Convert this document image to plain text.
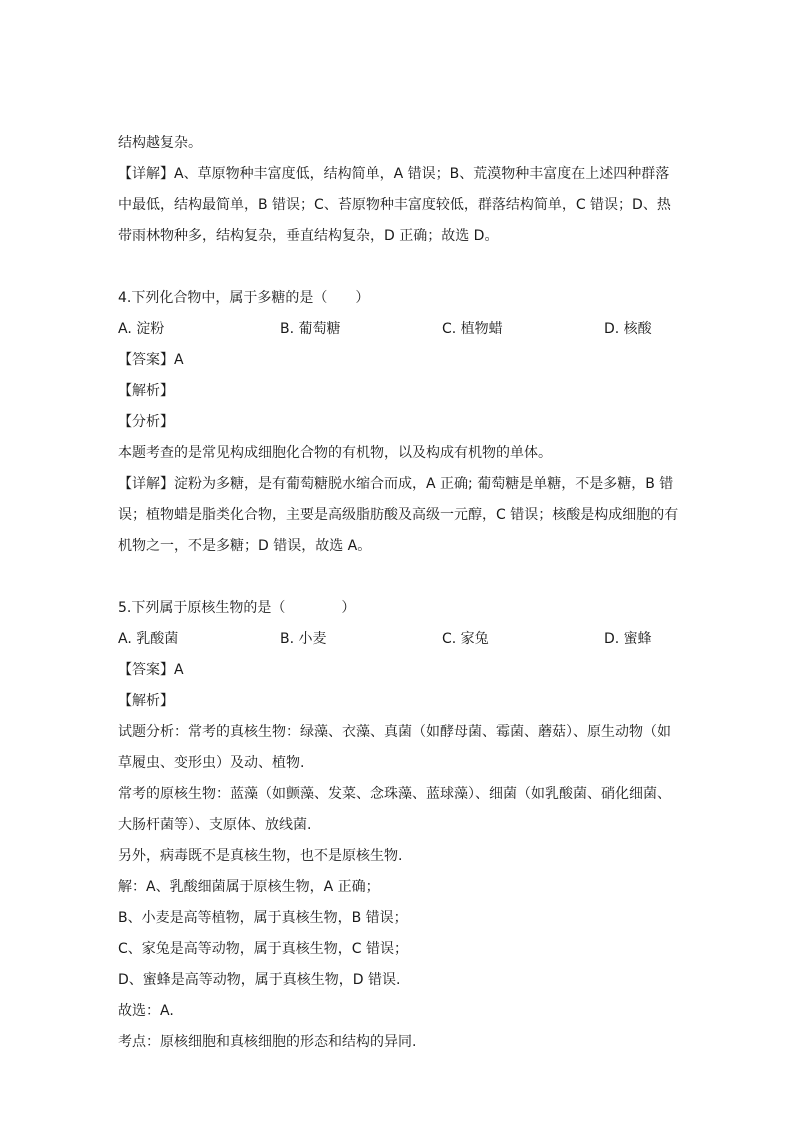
结构越复杂。
【详解】A、草原物种丰富度低，结构简单，A 错误；B、荒漠物种丰富度在上述四种群落
中最低，结构最简单，B 错误；C、苔原物种丰富度较低，群落结构简单，C 错误；D、热
带雨林物种多，结构复杂，垂直结构复杂，D 正确；故选 D。
4.下列化合物中，属于多糖的是（　　）
A. 淀粉	B. 葡萄糖	C. 植物蜡	D. 核酸
【答案】A
【解析】
【分析】
本题考查的是常见构成细胞化合物的有机物，以及构成有机物的单体。
【详解】淀粉为多糖，是有葡萄糖脱水缩合而成，A 正确; 葡萄糖是单糖，不是多糖，B 错
误；植物蜡是脂类化合物，主要是高级脂肪酸及高级一元醇，C 错误；核酸是构成细胞的有
机物之一，不是多糖；D 错误，故选 A。
5.下列属于原核生物的是（　　　　）
A. 乳酸菌	B. 小麦	C. 家兔	D. 蜜蜂
【答案】A
【解析】
试题分析：常考的真核生物：绿藻、衣藻、真菌（如酵母菌、霉菌、蘑菇）、原生动物（如
草履虫、变形虫）及动、植物.
常考的原核生物：蓝藻（如颤藻、发菜、念珠藻、蓝球藻）、细菌（如乳酸菌、硝化细菌、
大肠杆菌等）、支原体、放线菌.
另外，病毒既不是真核生物，也不是原核生物.
解：A、乳酸细菌属于原核生物，A 正确；
B、小麦是高等植物，属于真核生物，B 错误；
C、家兔是高等动物，属于真核生物，C 错误；
D、蜜蜂是高等动物，属于真核生物，D 错误.
故选：A.
考点：原核细胞和真核细胞的形态和结构的异同.
